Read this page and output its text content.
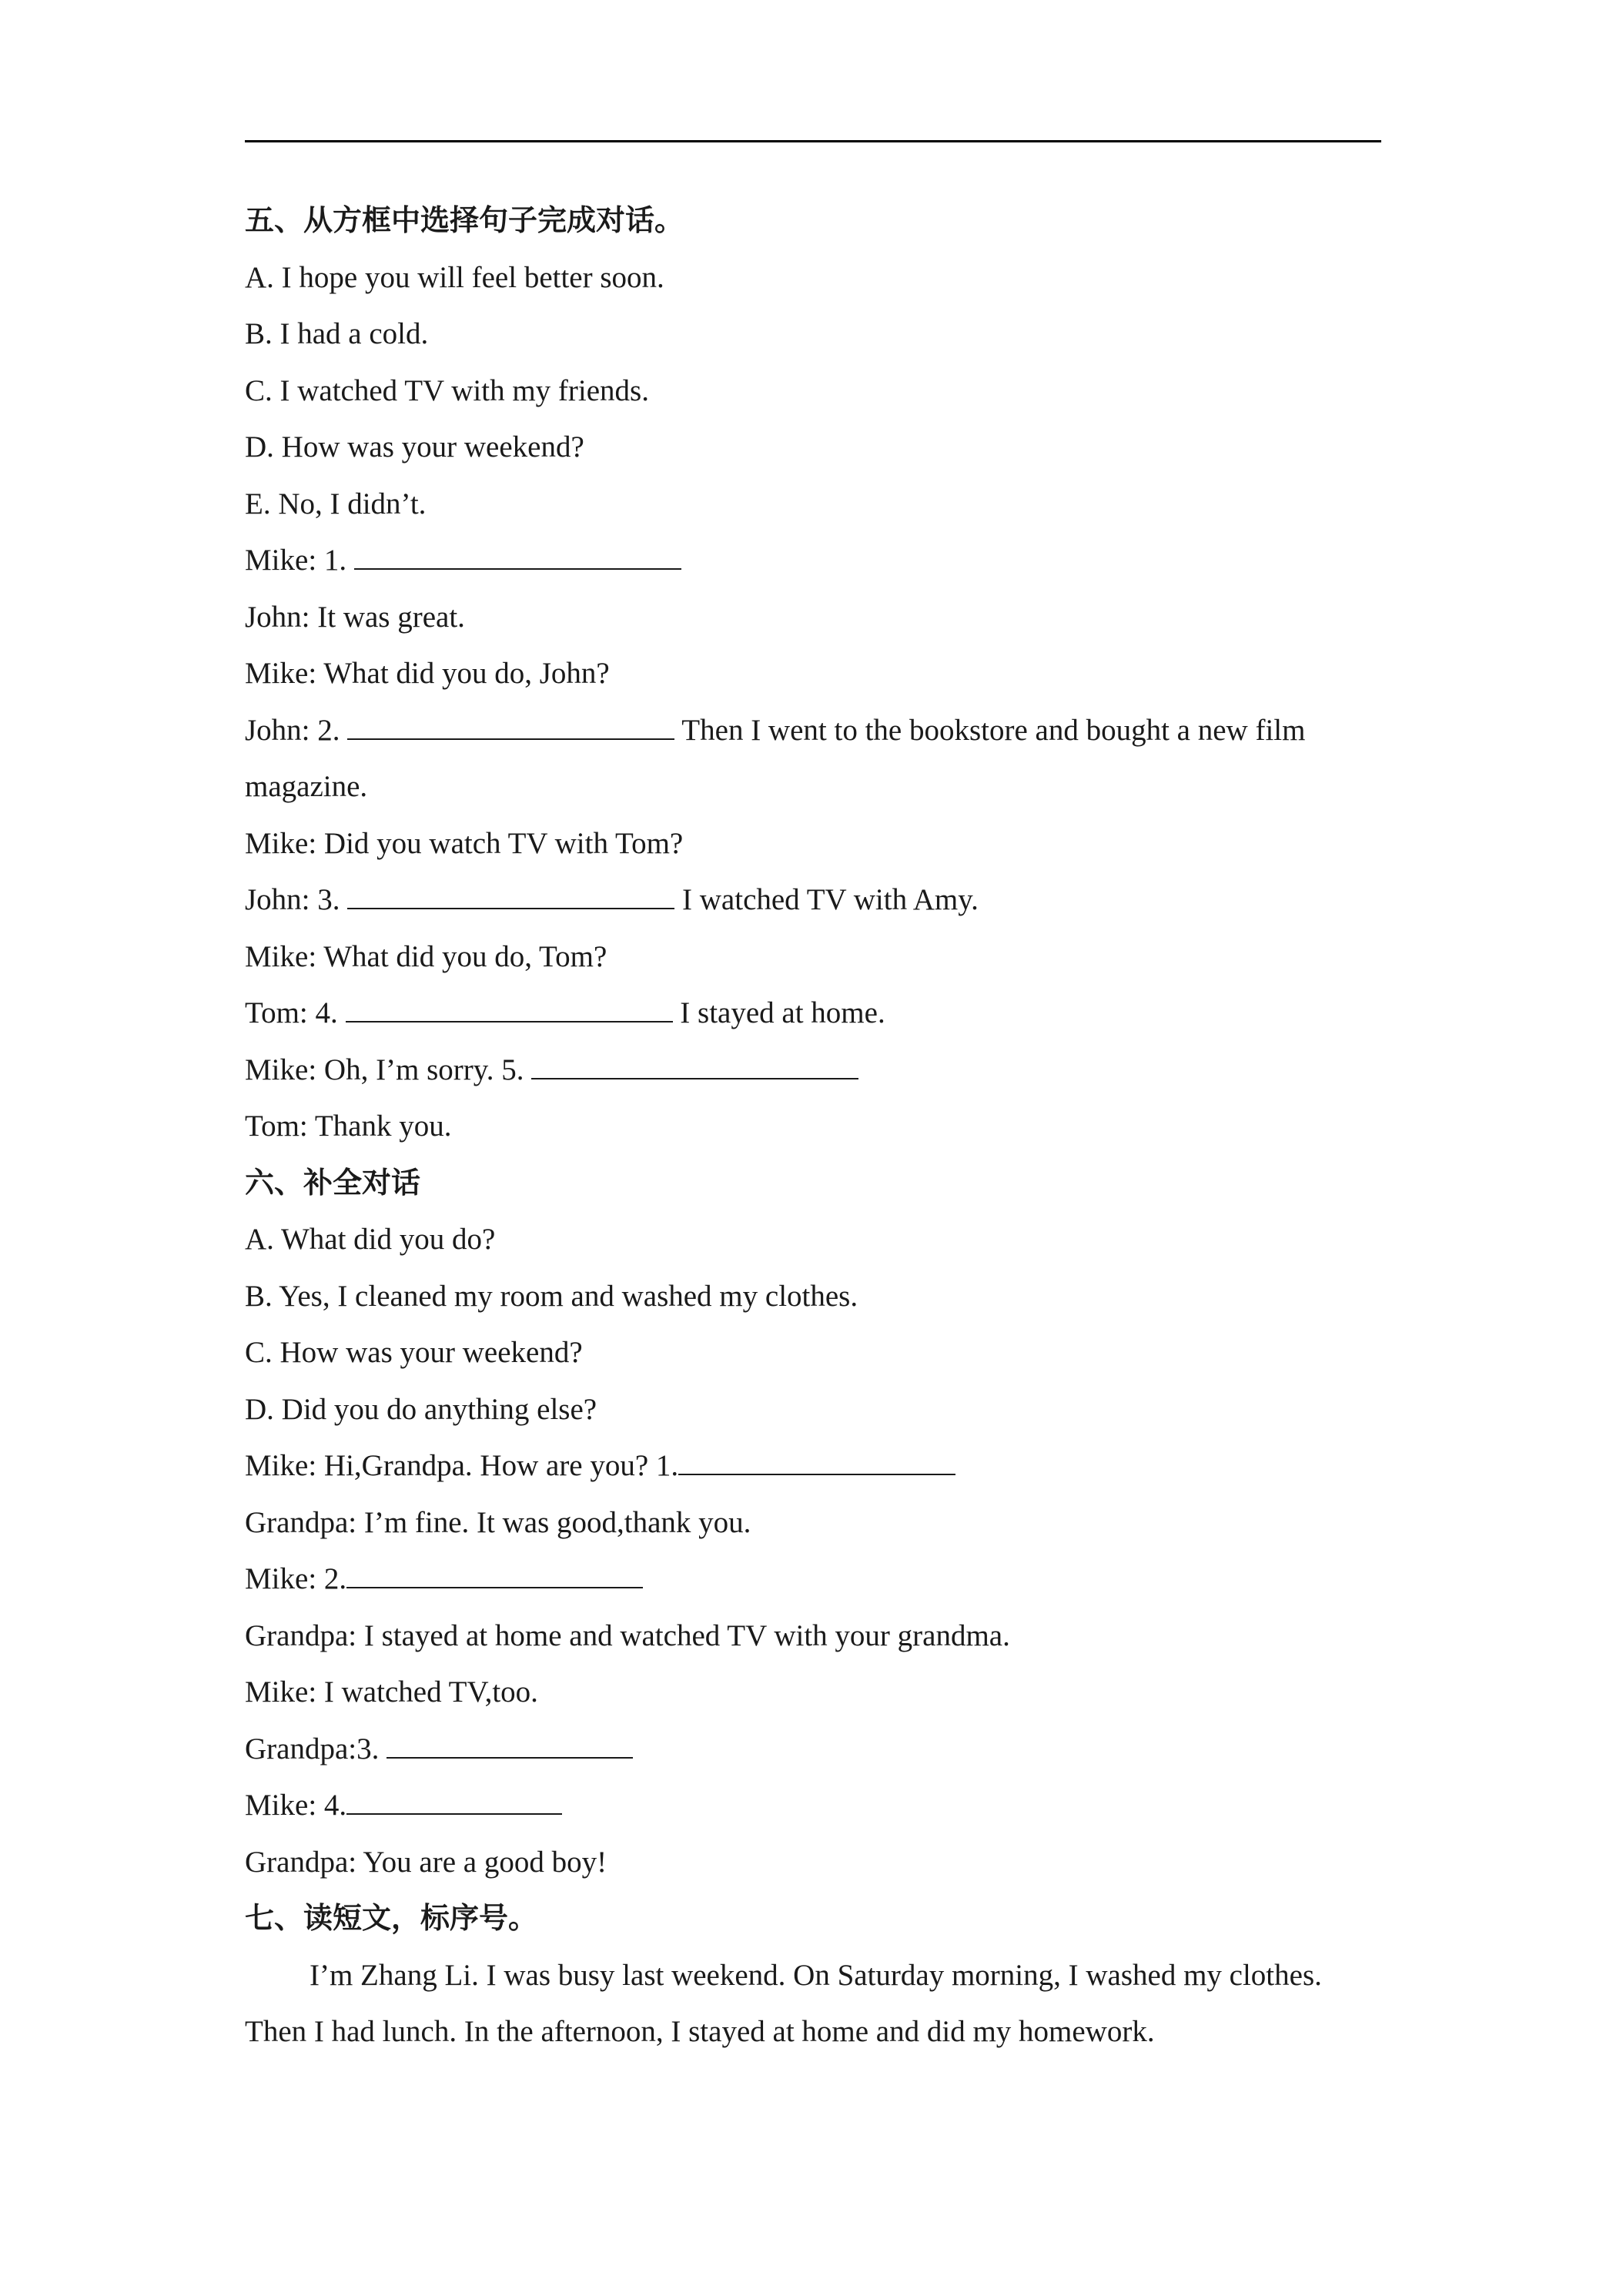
五、从方框中选择句子完成对话。
A. I hope you will feel better soon.
B. I had a cold.
C. I watched TV with my friends.
D. How was your weekend?
E. No, I didn’t.
Mike: 1.
John: It was great.
Mike: What did you do, John?
John: 2.	Then I went to the bookstore and bought a new film magazine.
Mike: Did you watch TV with Tom?
John: 3.	I watched TV with Amy.
Mike: What did you do, Tom?
Tom: 4.	I stayed at home.
Mike: Oh, I’m sorry. 5.
Tom: Thank you.
六、补全对话
A. What did you do?
B. Yes, I cleaned my room and washed my clothes.
C. How was your weekend?
D. Did you do anything else?
Mike: Hi,Grandpa. How are you? 1.
Grandpa: I’m fine. It was good,thank you.
Mike: 2.
Grandpa: I stayed at home and watched TV with your grandma.
Mike: I watched TV,too.
Grandpa:3.
Mike: 4.
Grandpa: You are a good boy!
七、读短文，标序号。
I’m Zhang Li. I was busy last weekend. On Saturday morning, I washed my clothes. Then I had lunch. In the afternoon, I stayed at home and did my homework.
